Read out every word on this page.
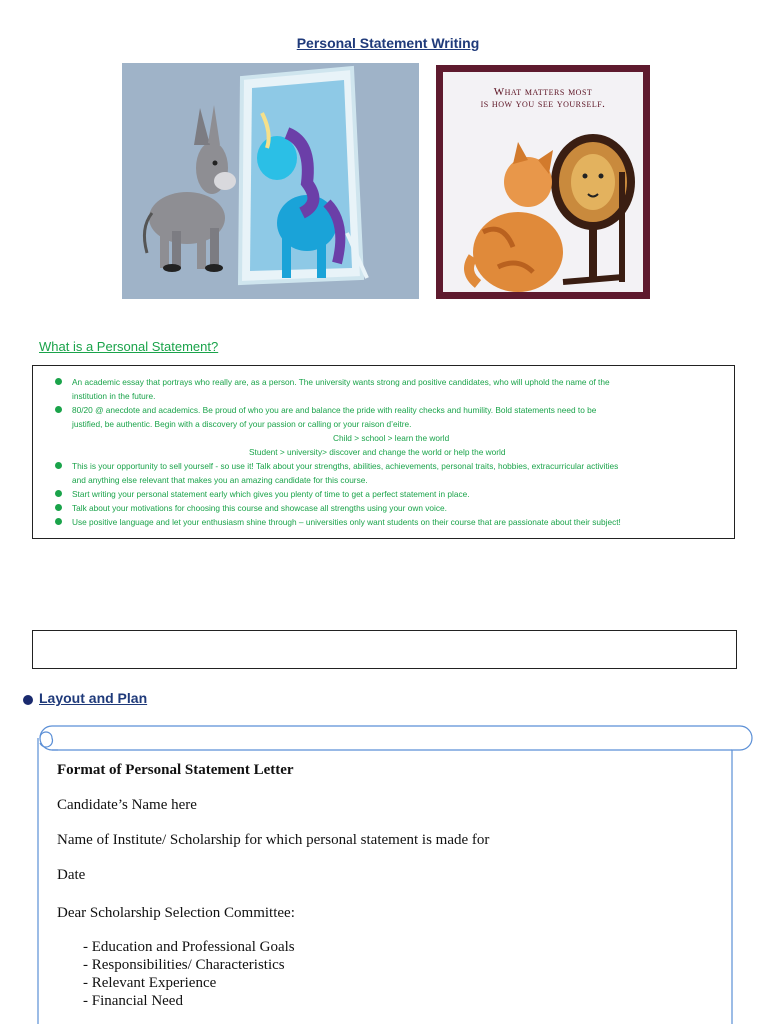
Personal Statement Writing
What matters most
is how you see yourself.
What is a Personal Statement?
An academic essay that portrays who really are, as a person. The university wants strong and positive candidates, who will uphold the name of the
institution in the future.
80/20 @ anecdote and academics. Be proud of who you are and balance the pride with reality checks and humility. Bold statements need to be
justified, be authentic. Begin with a discovery of your passion or calling or your raison d’eitre.
Child > school > learn the world
Student > university> discover and change the world or help the world
This is your opportunity to sell yourself - so use it! Talk about your strengths, abilities, achievements, personal traits, hobbies, extracurricular activities
and anything else relevant that makes you an amazing candidate for this course.
Start writing your personal statement early which gives you plenty of time to get a perfect statement in place.
Talk about your motivations for choosing this course and showcase all strengths using your own voice.
Use positive language and let your enthusiasm shine through – universities only want students on their course that are passionate about their subject!
Layout and Plan
Format of Personal Statement Letter
Candidate’s Name here
Name of Institute/ Scholarship for which personal statement is made for
Date
Dear Scholarship Selection Committee:
- Education and Professional Goals
- Responsibilities/ Characteristics
- Relevant Experience
- Financial Need
